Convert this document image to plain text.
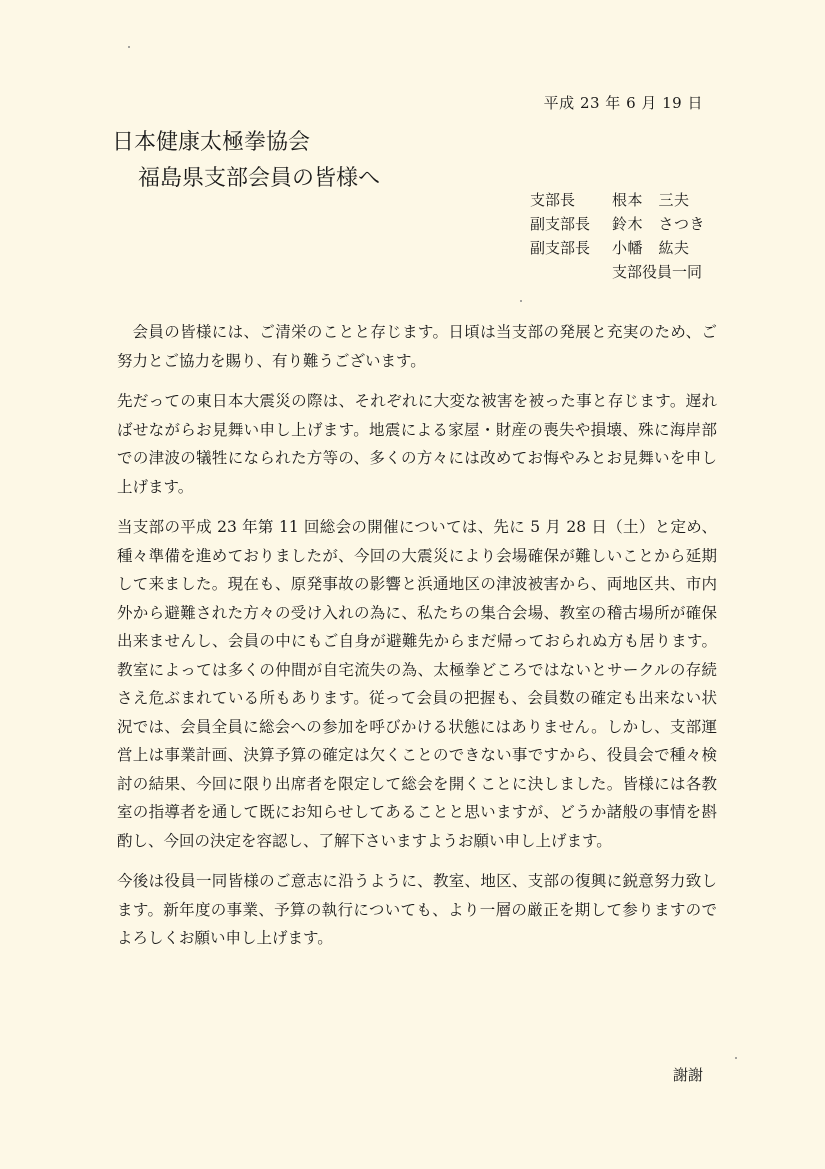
平成 23 年 6 月 19 日
日本健康太極拳協会
福島県支部会員の皆様へ
支部長	根本　三夫
副支部長	鈴木　さつき
副支部長	小幡　紘夫
支部役員一同

会員の皆様には、ご清栄のことと存じます。日頃は当支部の発展と充実のため、ご努力とご協力を賜り、有り難うございます。

先だっての東日本大震災の際は、それぞれに大変な被害を被った事と存じます。遅ればせながらお見舞い申し上げます。地震による家屋・財産の喪失や損壊、殊に海岸部での津波の犠牲になられた方等の、多くの方々には改めてお悔やみとお見舞いを申し上げます。

当支部の平成 23 年第 11 回総会の開催については、先に 5 月 28 日（土）と定め、種々準備を進めておりましたが、今回の大震災により会場確保が難しいことから延期して来ました。現在も、原発事故の影響と浜通地区の津波被害から、両地区共、市内外から避難された方々の受け入れの為に、私たちの集合会場、教室の稽古場所が確保出来ませんし、会員の中にもご自身が避難先からまだ帰っておられぬ方も居ります。教室によっては多くの仲間が自宅流失の為、太極拳どころではないとサークルの存続さえ危ぶまれている所もあります。従って会員の把握も、会員数の確定も出来ない状況では、会員全員に総会への参加を呼びかける状態にはありません。しかし、支部運営上は事業計画、決算予算の確定は欠くことのできない事ですから、役員会で種々検討の結果、今回に限り出席者を限定して総会を開くことに決しました。皆様には各教室の指導者を通して既にお知らせしてあることと思いますが、どうか諸般の事情を斟酌し、今回の決定を容認し、了解下さいますようお願い申し上げます。

今後は役員一同皆様のご意志に沿うように、教室、地区、支部の復興に鋭意努力致します。新年度の事業、予算の執行についても、より一層の厳正を期して参りますのでよろしくお願い申し上げます。

謝謝
